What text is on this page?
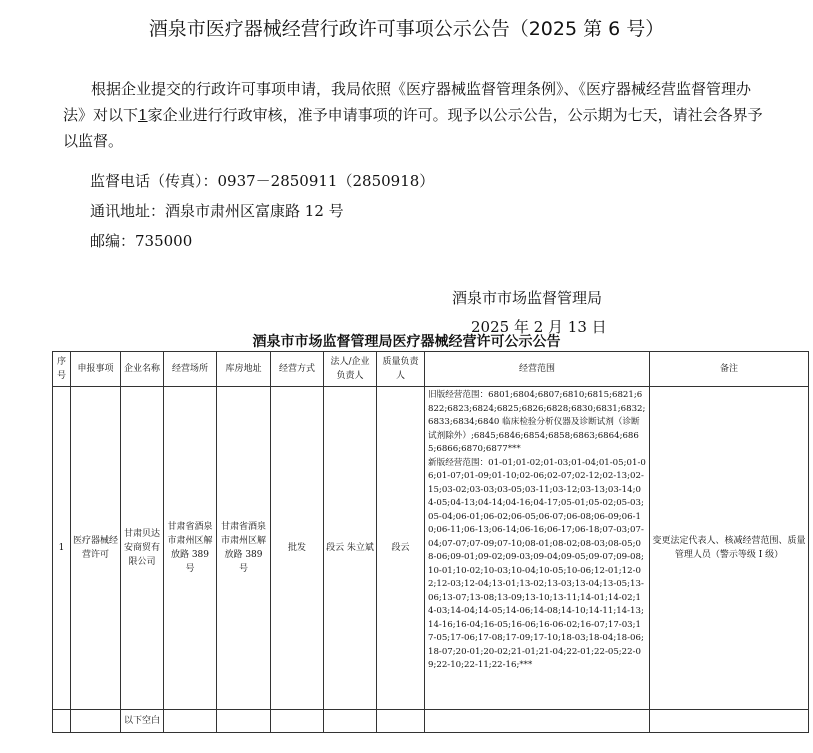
酒泉市医疗器械经营行政许可事项公示公告（2025 第 6 号）
根据企业提交的行政许可事项申请，我局依照《医疗器械监督管理条例》、《医疗器械经营监督管理办法》对以下1家企业进行行政审核，准予申请事项的许可。现予以公示公告，公示期为七天，请社会各界予以监督。
监督电话（传真）：0937－2850911（2850918）
通讯地址：酒泉市肃州区富康路 12 号
邮编：735000
酒泉市市场监督管理局
2025 年 2 月 13 日
酒泉市市场监督管理局医疗器械经营许可公示公告
序号	申报事项	企业名称	经营场所	库房地址	经营方式	法人/企业负责人	质量负责人	经营范围	备注
1	医疗器械经营许可	甘肃贝达安商贸有限公司	甘肃省酒泉市肃州区解放路 389 号	甘肃省酒泉市肃州区解放路 389 号	批发	段云 朱立斌	段云	旧版经营范围：6801;6804;6807;6810;6815;6821;6822;6823;6824;6825;6826;6828;6830;6831;6832;6833;6834;6840 临床检验分析仪器及诊断试剂（诊断试剂除外）;6845;6846;6854;6858;6863;6864;6865;6866;6870;6877***
新版经营范围：01-01;01-02;01-03;01-04;01-05;01-06;01-07;01-09;01-10;02-06;02-07;02-12;02-13;02-15;03-02;03-03;03-05;03-11;03-12;03-13;03-14;04-05;04-13;04-14;04-16;04-17;05-01;05-02;05-03;05-04;06-01;06-02;06-05;06-07;06-08;06-09;06-10;06-11;06-13;06-14;06-16;06-17;06-18;07-03;07-04;07-07;07-09;07-10;08-01;08-02;08-03;08-05;08-06;09-01;09-02;09-03;09-04;09-05;09-07;09-08;10-01;10-02;10-03;10-04;10-05;10-06;12-01;12-02;12-03;12-04;13-01;13-02;13-03;13-04;13-05;13-06;13-07;13-08;13-09;13-10;13-11;14-01;14-02;14-03;14-04;14-05;14-06;14-08;14-10;14-11;14-13;14-16;16-04;16-05;16-06;16-06-02;16-07;17-03;17-05;17-06;17-08;17-09;17-10;18-03;18-04;18-06;18-07;20-01;20-02;21-01;21-04;22-01;22-05;22-09;22-10;22-11;22-16;***	变更法定代表人、核减经营范围、质量管理人员（警示等级 I 级）
		以下空白							
